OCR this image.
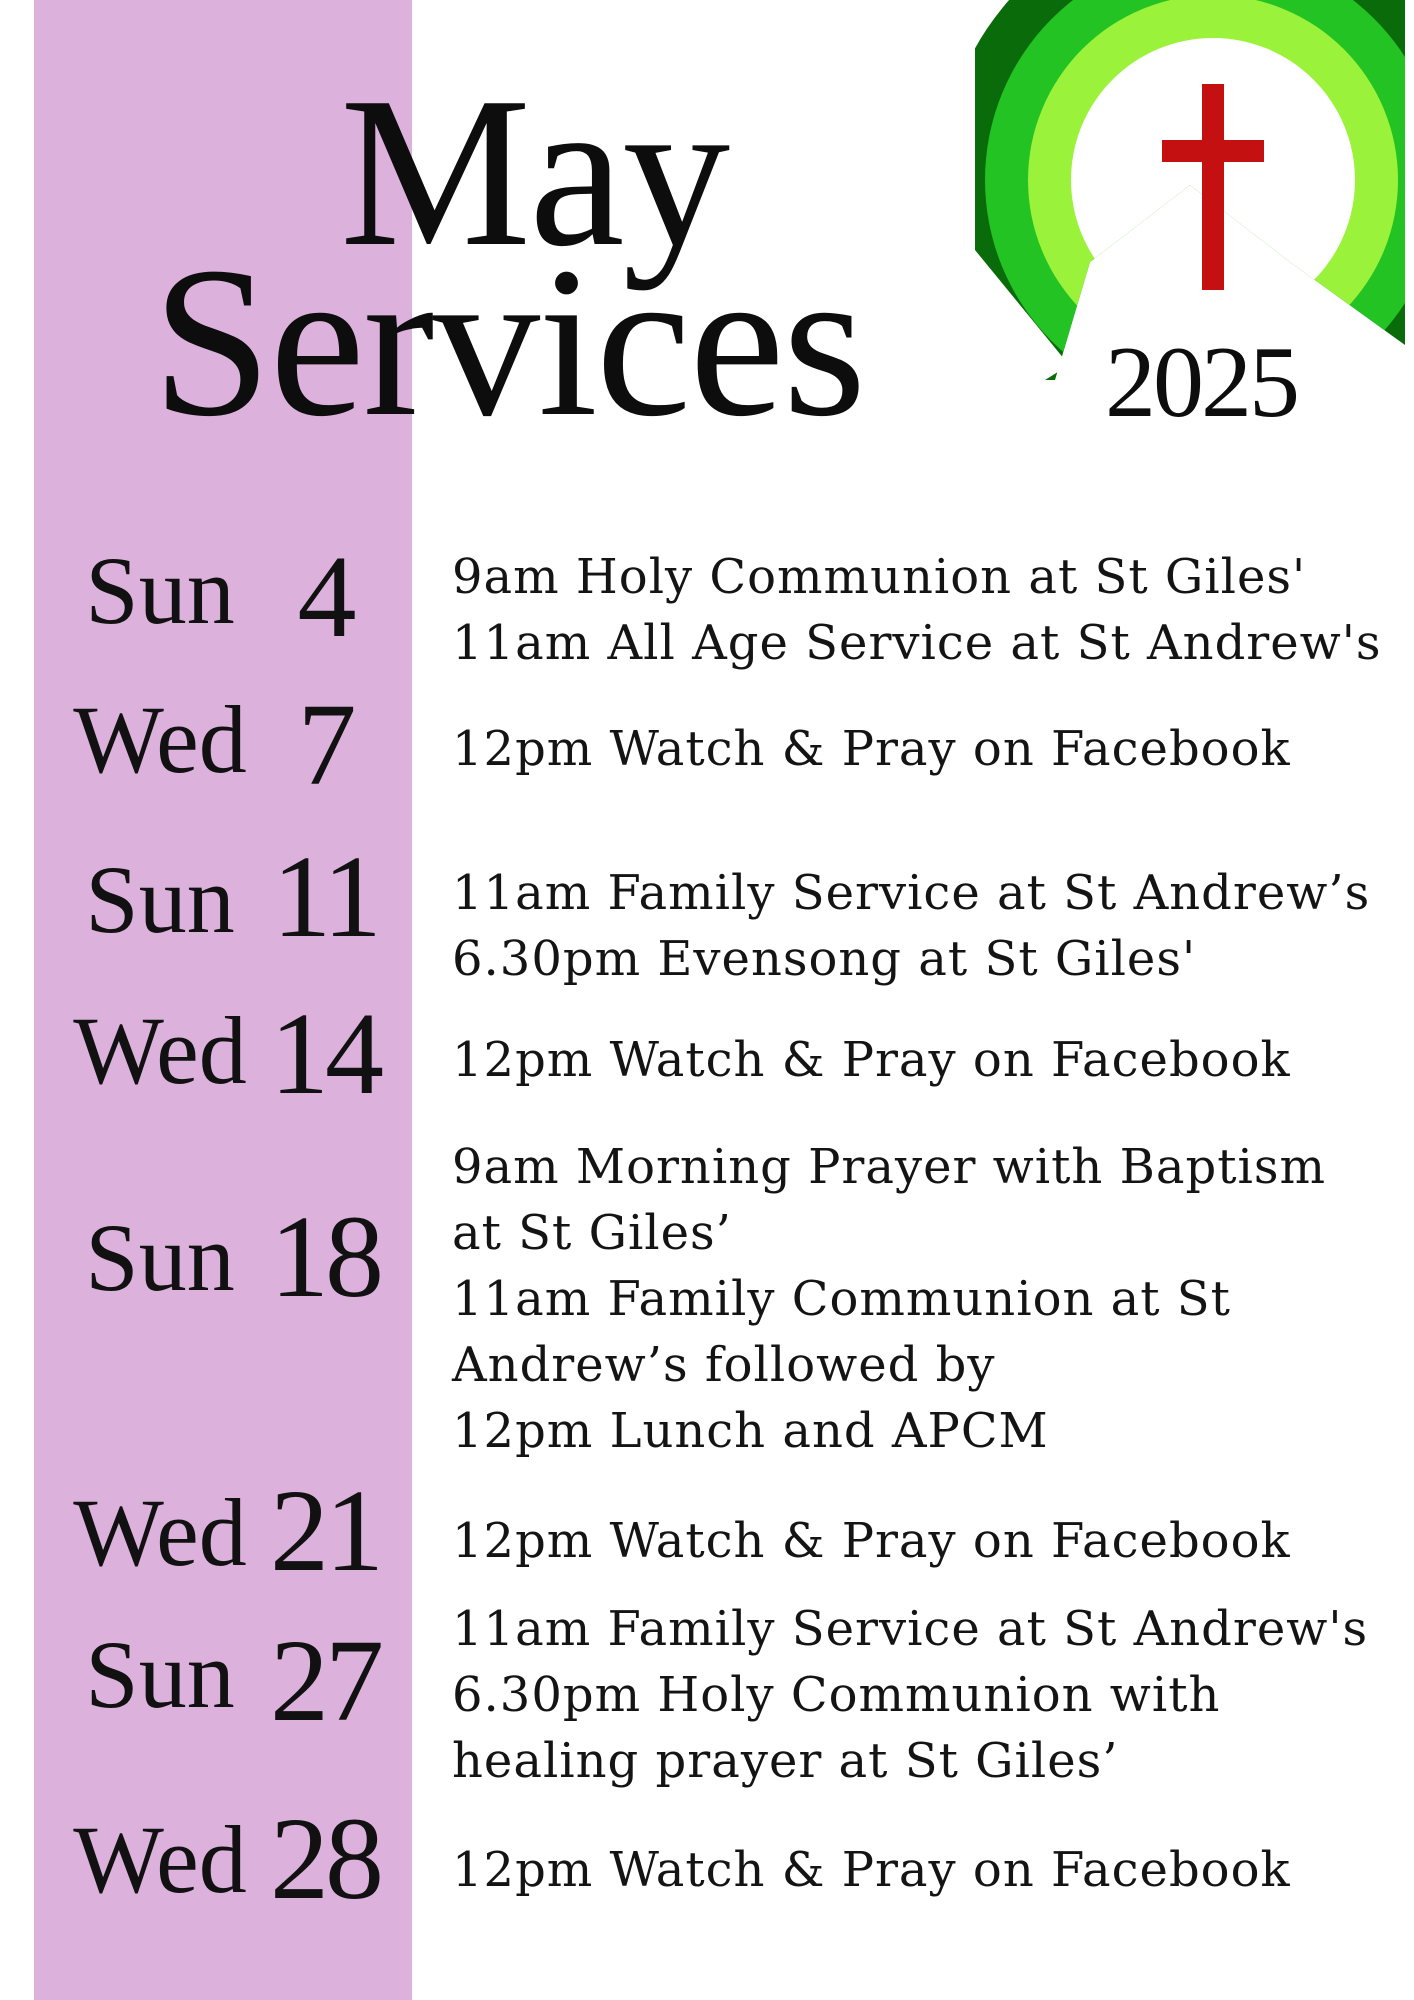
May
Services 2025
Sun 4	9am Holy Communion at St Giles'
11am All Age Service at St Andrew's
Wed 7	12pm Watch & Pray on Facebook
Sun 11	11am Family Service at St Andrew’s
6.30pm Evensong at St Giles'
Wed 14	12pm Watch & Pray on Facebook
Sun 18
9am Morning Prayer with Baptism
at St Giles’
11am Family Communion at St
Andrew’s followed by
12pm Lunch and APCM
Wed 21	12pm Watch & Pray on Facebook
Sun 27	11am Family Service at St Andrew's
6.30pm Holy Communion with
healing prayer at St Giles’
Wed 28	12pm Watch & Pray on Facebook
